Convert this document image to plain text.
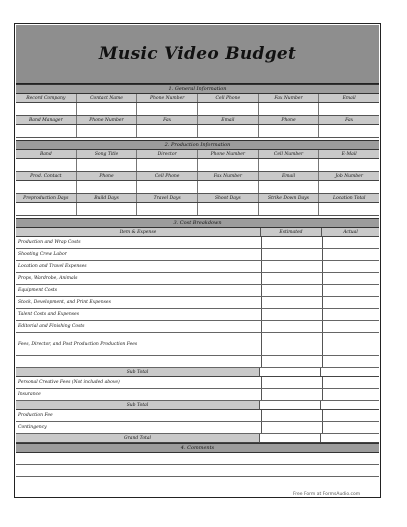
Music Video Budget
1. General Information
Record Company	Contact Name	Phone Number	Cell Phone	Fax Number	Email
Band Manager	Phone Number	Fax	Email	Phone	Fax
2. Production Information
Band	Song Title	Director	Phone Number	Cell Number	E-Mail
Prod. Contact	Phone	Cell Phone	Fax Number	Email	Job Number
Preproduction Days	Build Days	Travel Days	Shoot Days	Strike Down Days	Location Total
3. Cost Breakdown
Item & Expense	Estimated	Actual
Production and Wrap Costs
Shooting Crew Labor
Location and Travel Expenses
Props, Wardrobe, Animals
Equipment Costs
Stock, Development, and Print Expenses
Talent Costs and Expenses
Editorial and Finishing Costs
Fees, Director, and Post Production Production Fees
Sub Total
Personal Creative Fees (Not included above)
Insurance
Sub Total
Production Fee
Contingency
Grand Total
4. Comments
Free Form at FormsAudio.com
